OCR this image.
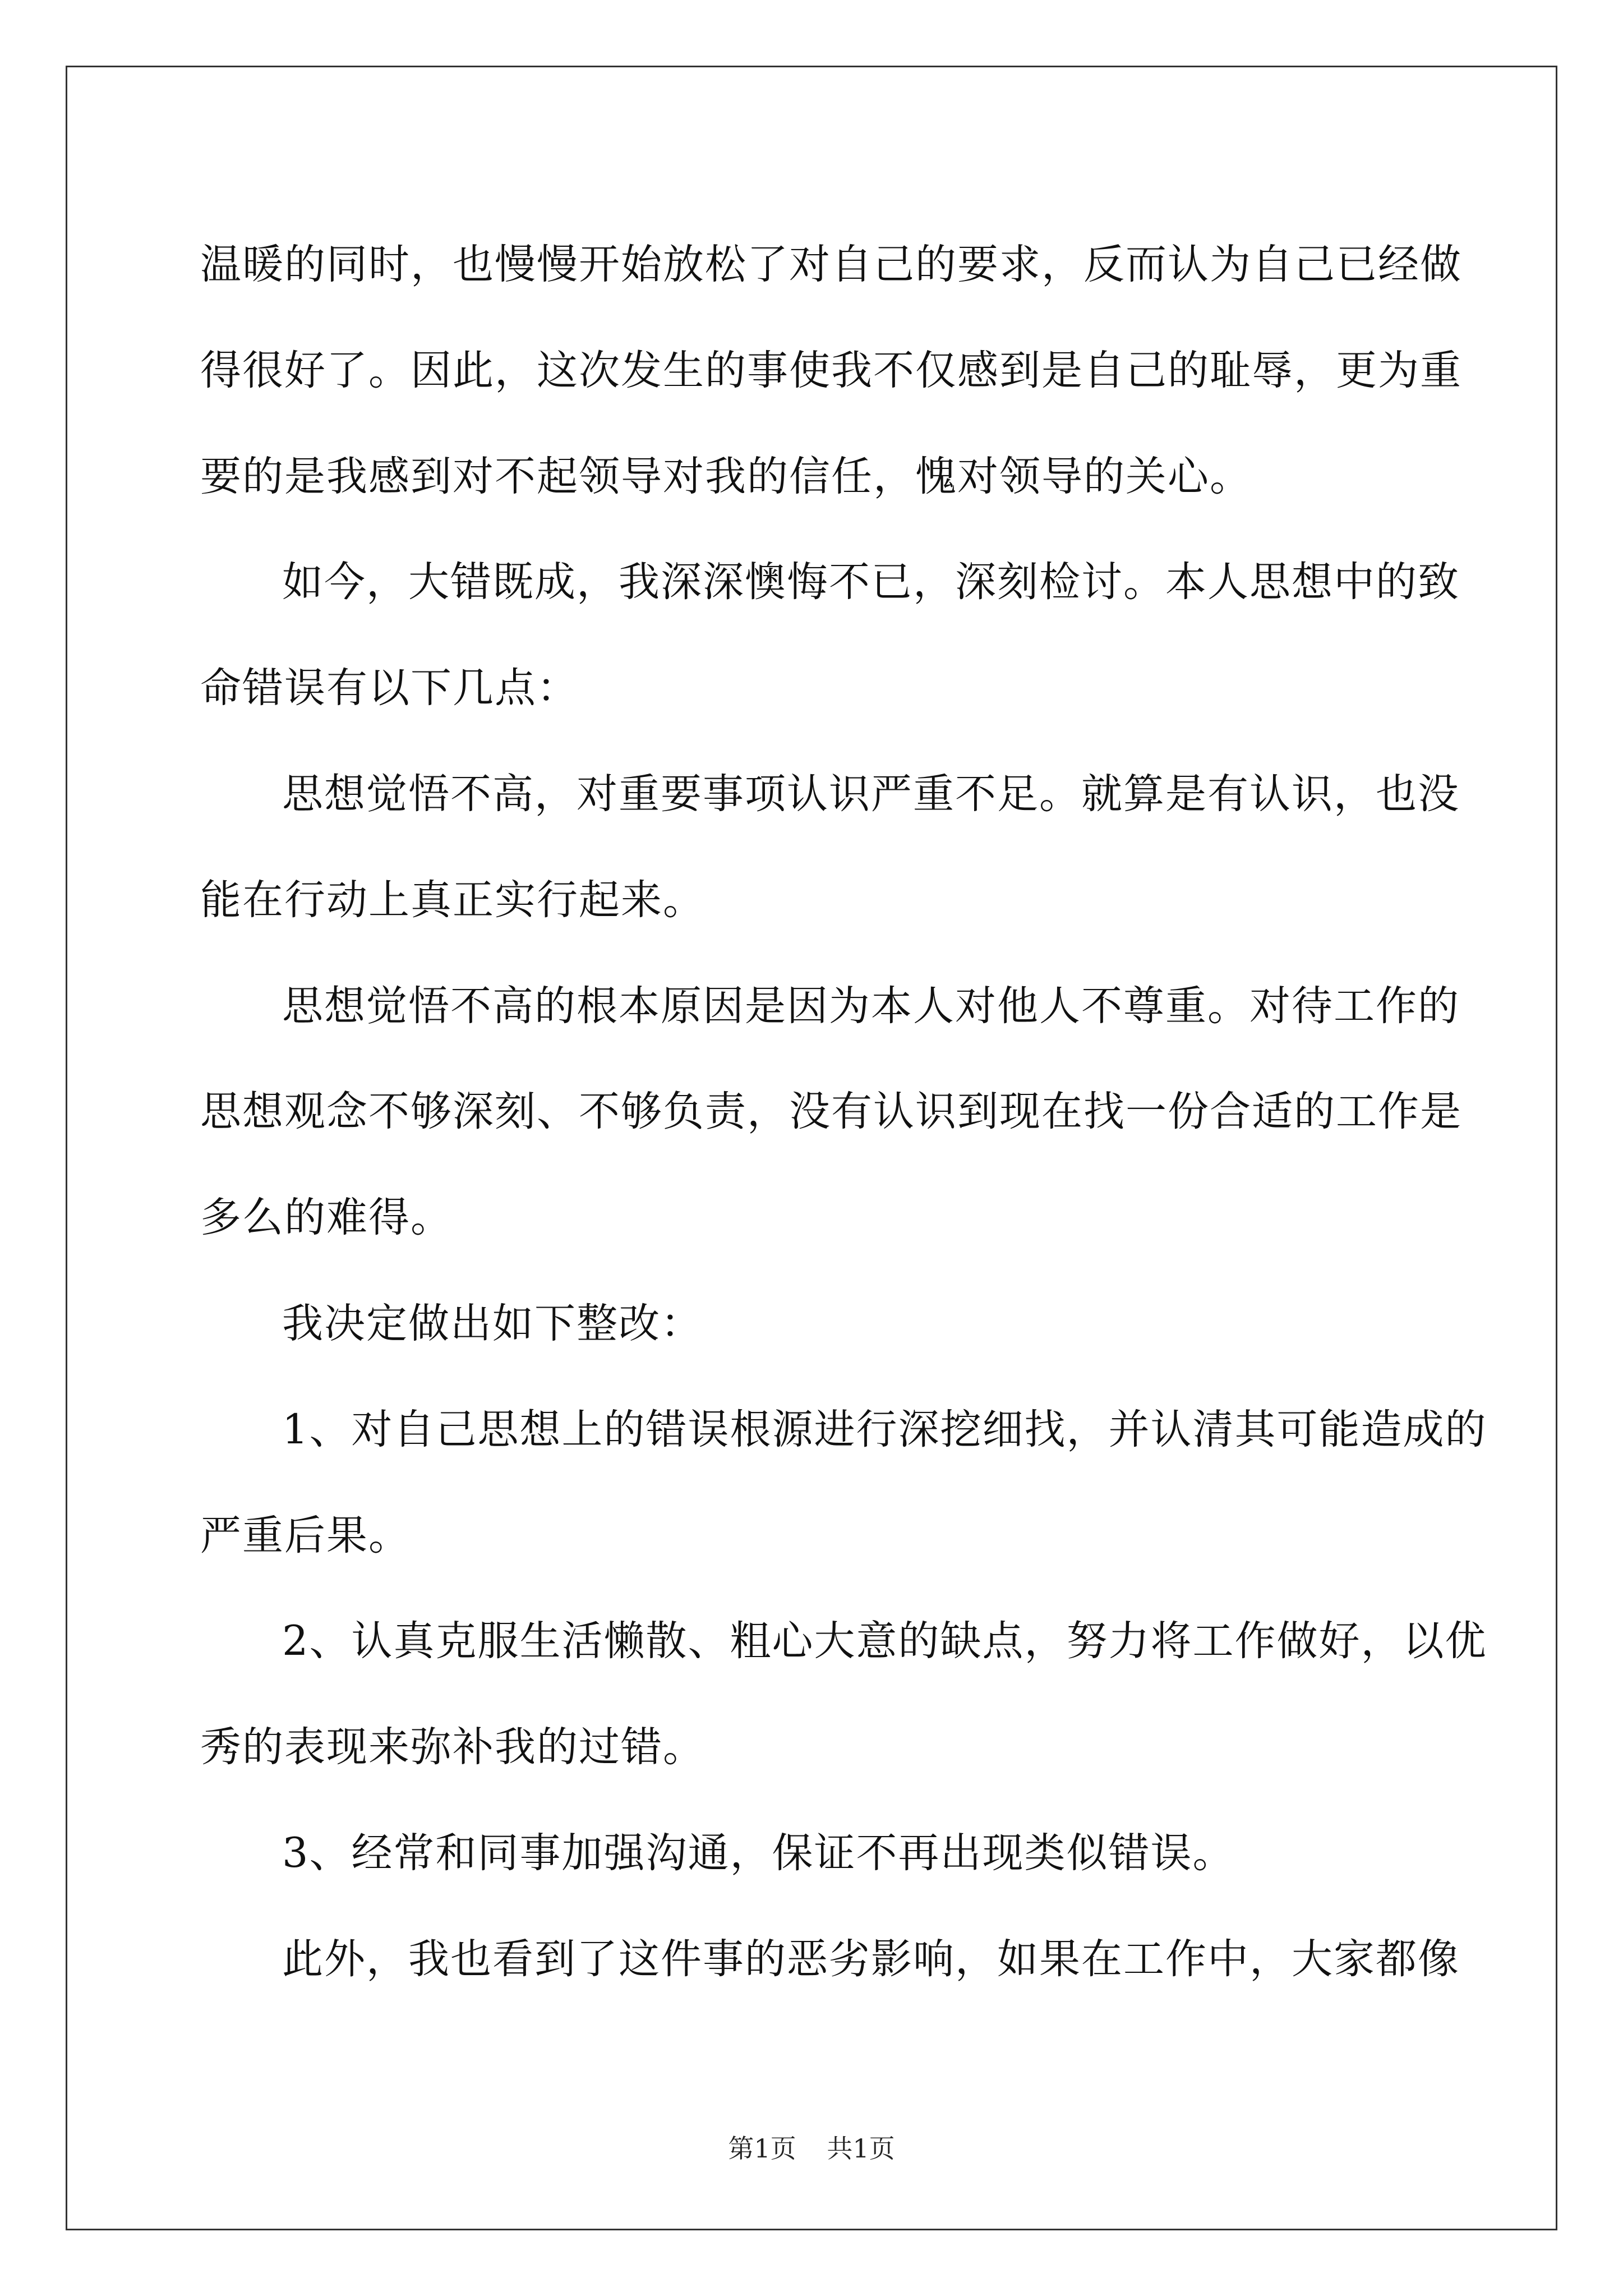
温暖的同时，也慢慢开始放松了对自己的要求，反而认为自己已经做

得很好了。因此，这次发生的事使我不仅感到是自己的耻辱，更为重

要的是我感到对不起领导对我的信任，愧对领导的关心。

如今，大错既成，我深深懊悔不已，深刻检讨。本人思想中的致

命错误有以下几点：

思想觉悟不高，对重要事项认识严重不足。就算是有认识，也没

能在行动上真正实行起来。

思想觉悟不高的根本原因是因为本人对他人不尊重。对待工作的

思想观念不够深刻、不够负责，没有认识到现在找一份合适的工作是

多么的难得。

我决定做出如下整改：

1、对自己思想上的错误根源进行深挖细找，并认清其可能造成的

严重后果。

2、认真克服生活懒散、粗心大意的缺点，努力将工作做好，以优

秀的表现来弥补我的过错。

3、经常和同事加强沟通，保证不再出现类似错误。

此外，我也看到了这件事的恶劣影响，如果在工作中，大家都像

第1页 共1页
